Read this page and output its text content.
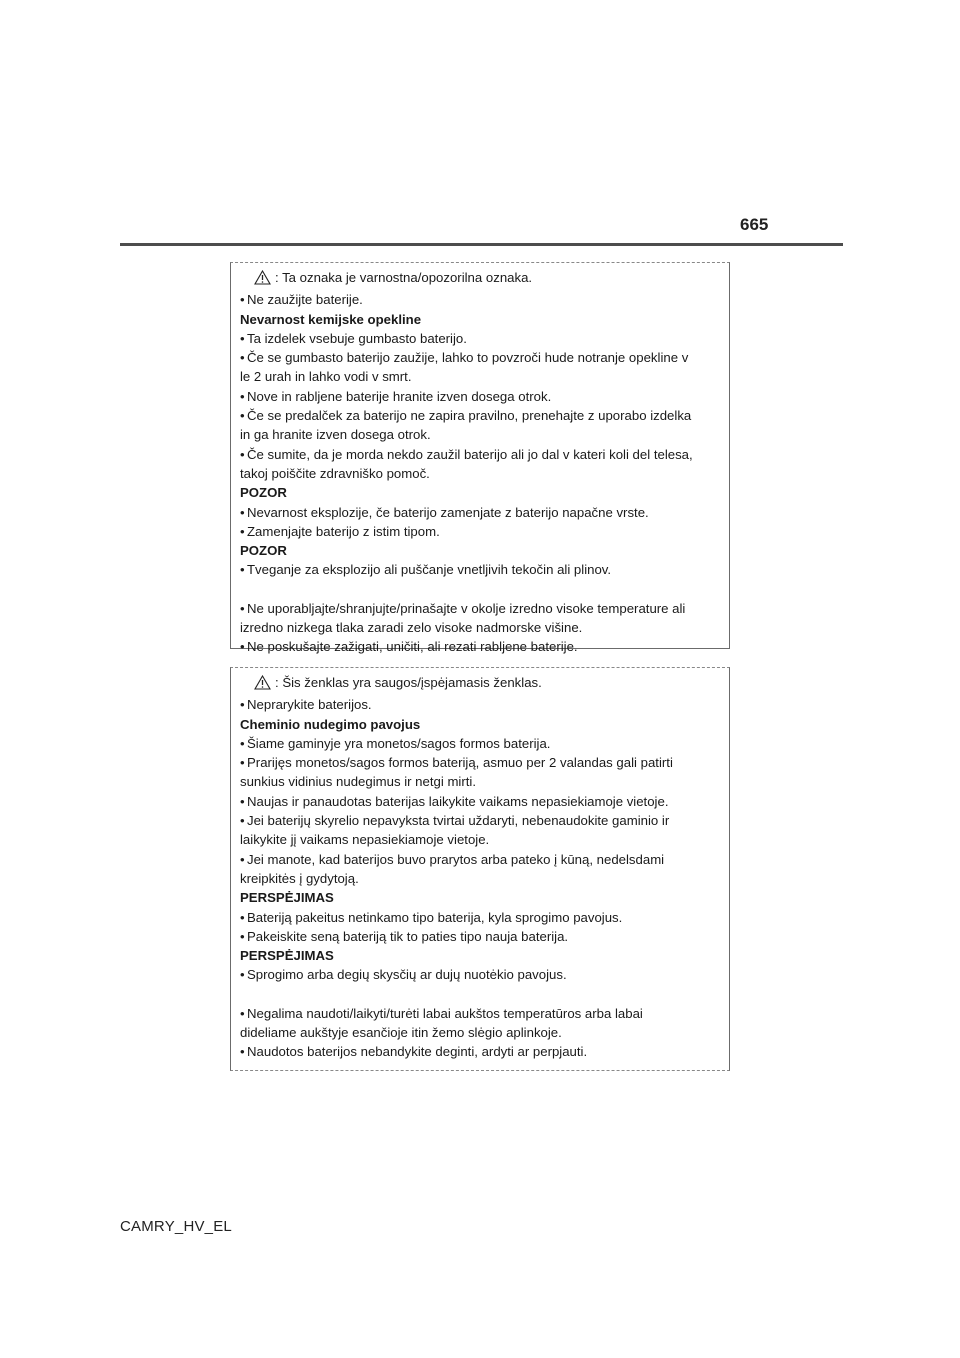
665

: Ta oznaka je varnostna/opozorilna oznaka.

• Ne zaužijte baterije.

Nevarnost kemijske opekline

• Ta izdelek vsebuje gumbasto baterijo.

• Če se gumbasto baterijo zaužije, lahko to povzroči hude notranje opekline v

le 2 urah in lahko vodi v smrt.

• Nove in rabljene baterije hranite izven dosega otrok.

• Če se predalček za baterijo ne zapira pravilno, prenehajte z uporabo izdelka

in ga hranite izven dosega otrok.

• Če sumite, da je morda nekdo zaužil baterijo ali jo dal v kateri koli del telesa,

takoj poiščite zdravniško pomoč.

POZOR

• Nevarnost eksplozije, če baterijo zamenjate z baterijo napačne vrste.

• Zamenjajte baterijo z istim tipom.

POZOR

• Tveganje za eksplozijo ali puščanje vnetljivih tekočin ali plinov.

• Ne uporabljajte/shranjujte/prinašajte v okolje izredno visoke temperature ali

izredno nizkega tlaka zaradi zelo visoke nadmorske višine.

• Ne poskušajte zažigati, uničiti, ali rezati rabljene baterije.

: Šis ženklas yra saugos/įspėjamasis ženklas.

• Neprarykite baterijos.

Cheminio nudegimo pavojus

• Šiame gaminyje yra monetos/sagos formos baterija.

• Prarijęs monetos/sagos formos bateriją, asmuo per 2 valandas gali patirti

sunkius vidinius nudegimus ir netgi mirti.

• Naujas ir panaudotas baterijas laikykite vaikams nepasiekiamoje vietoje.

• Jei baterijų skyrelio nepavyksta tvirtai uždaryti, nebenaudokite gaminio ir

laikykite jį vaikams nepasiekiamoje vietoje.

• Jei manote, kad baterijos buvo prarytos arba pateko į kūną, nedelsdami

kreipkitės į gydytoją.

PERSPĖJIMAS

• Bateriją pakeitus netinkamo tipo baterija, kyla sprogimo pavojus.

• Pakeiskite seną bateriją tik to paties tipo nauja baterija.

PERSPĖJIMAS

• Sprogimo arba degių skysčių ar dujų nuotėkio pavojus.

• Negalima naudoti/laikyti/turėti labai aukštos temperatūros arba labai

dideliame aukštyje esančioje itin žemo slėgio aplinkoje.

• Naudotos baterijos nebandykite deginti, ardyti ar perpjauti.

CAMRY_HV_EL
